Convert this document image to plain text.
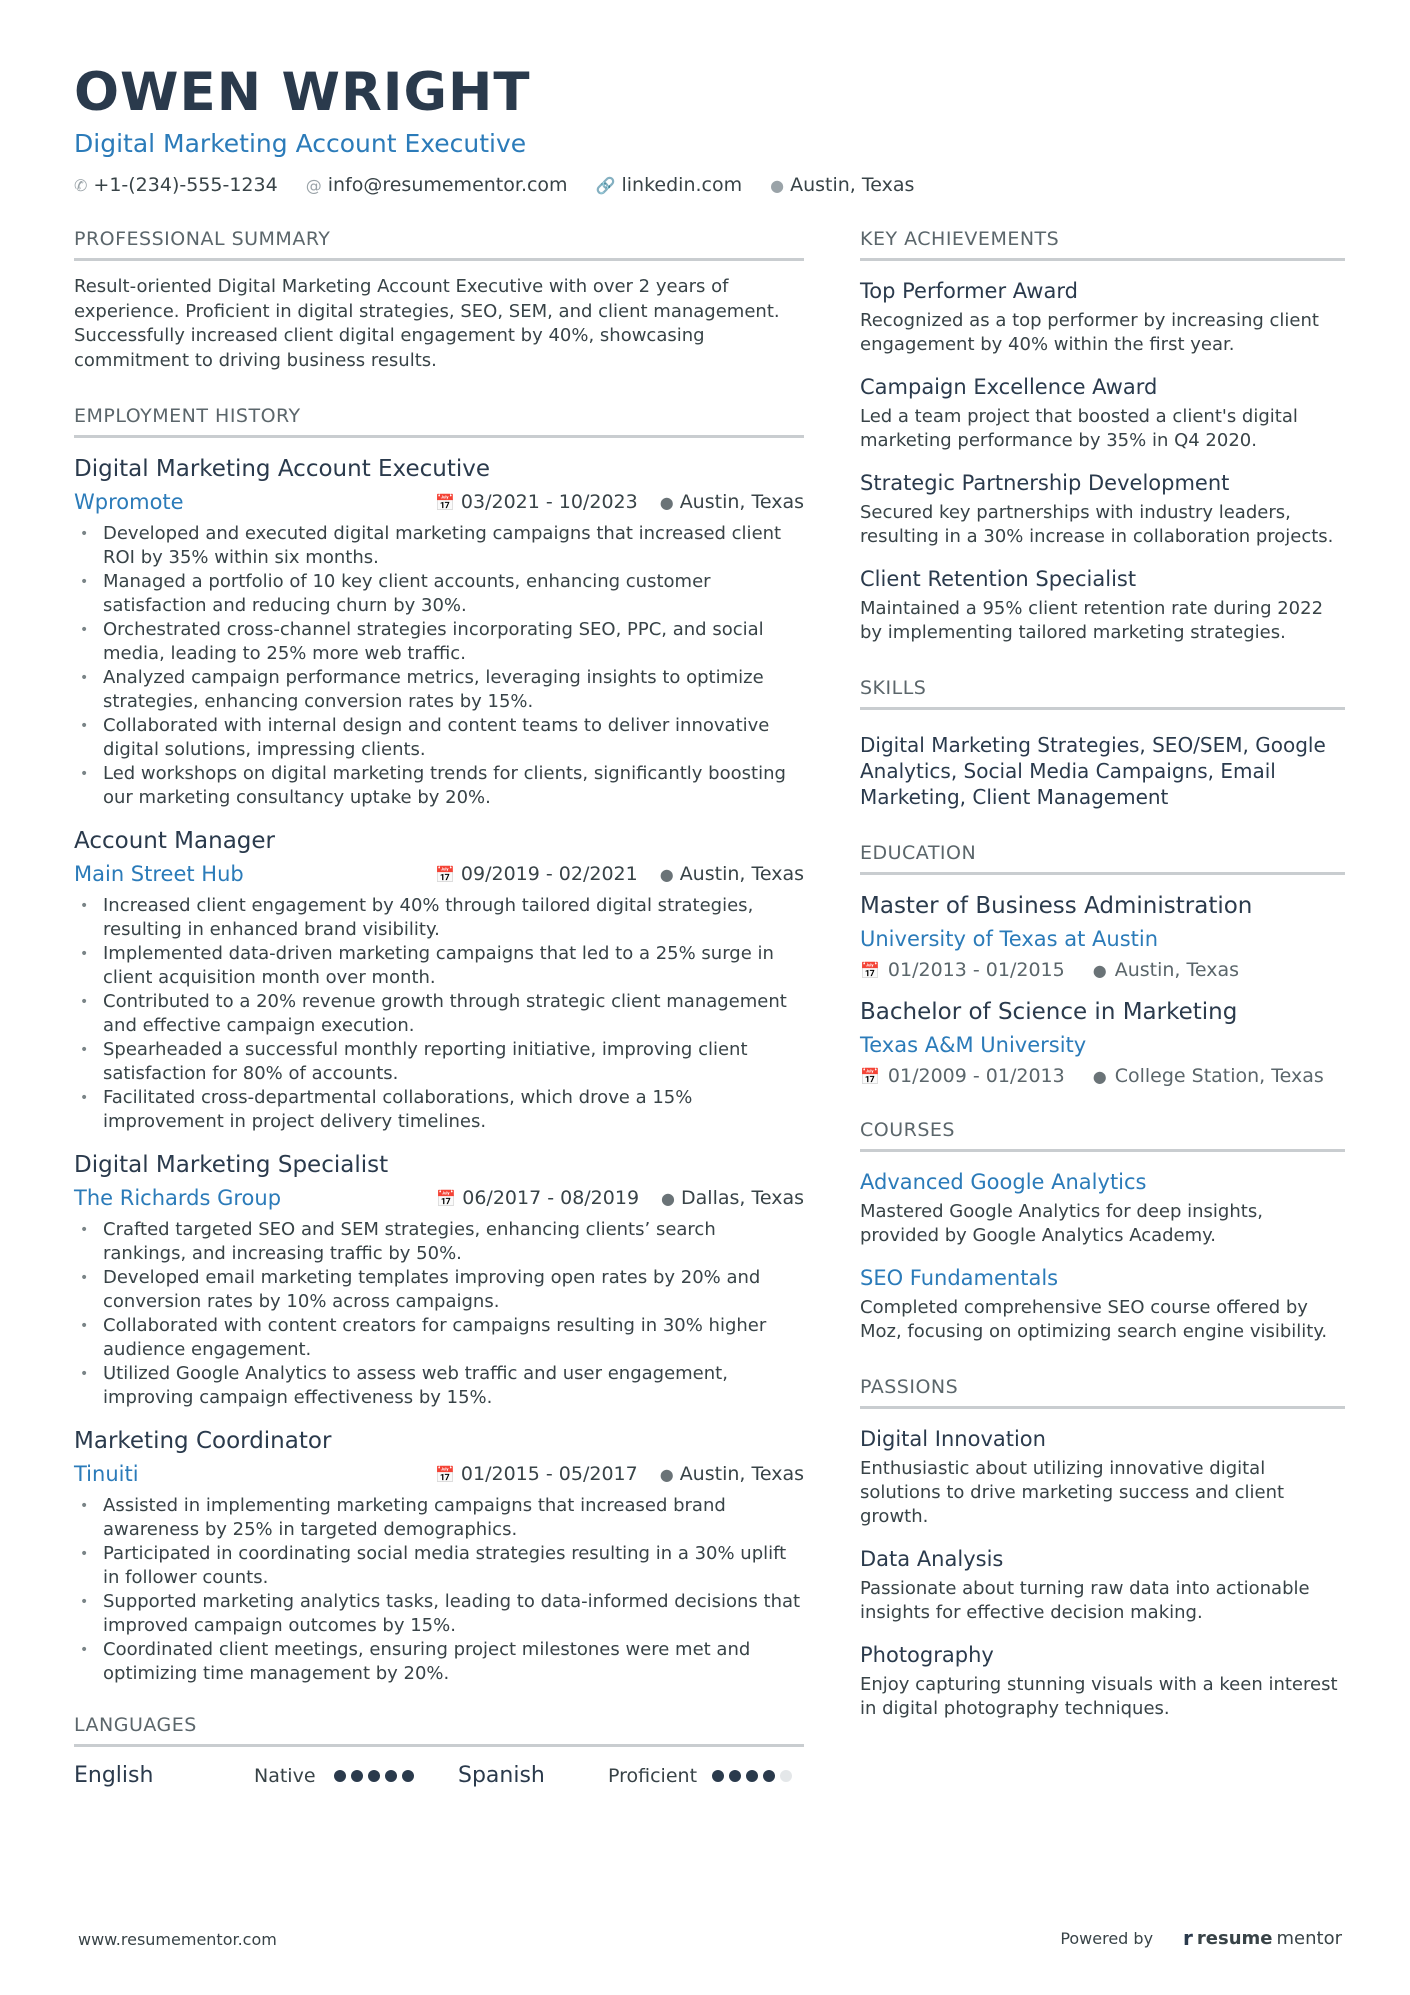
OWEN WRIGHT
Digital Marketing Account Executive
✆ +1-(234)-555-1234 @ info@resumementor.com 🔗 linkedin.com ● Austin, Texas
PROFESSIONAL SUMMARY
Result-oriented Digital Marketing Account Executive with over 2 years of experience. Proficient in digital strategies, SEO, SEM, and client management. Successfully increased client digital engagement by 40%, showcasing commitment to driving business results.
EMPLOYMENT HISTORY
Digital Marketing Account Executive
Wpromote	📅 03/2021 - 10/2023 ● Austin, Texas
• Developed and executed digital marketing campaigns that increased client ROI by 35% within six months.
• Managed a portfolio of 10 key client accounts, enhancing customer satisfaction and reducing churn by 30%.
• Orchestrated cross-channel strategies incorporating SEO, PPC, and social media, leading to 25% more web traffic.
• Analyzed campaign performance metrics, leveraging insights to optimize strategies, enhancing conversion rates by 15%.
• Collaborated with internal design and content teams to deliver innovative digital solutions, impressing clients.
• Led workshops on digital marketing trends for clients, significantly boosting our marketing consultancy uptake by 20%.
Account Manager
Main Street Hub	📅 09/2019 - 02/2021 ● Austin, Texas
• Increased client engagement by 40% through tailored digital strategies, resulting in enhanced brand visibility.
• Implemented data-driven marketing campaigns that led to a 25% surge in client acquisition month over month.
• Contributed to a 20% revenue growth through strategic client management and effective campaign execution.
• Spearheaded a successful monthly reporting initiative, improving client satisfaction for 80% of accounts.
• Facilitated cross-departmental collaborations, which drove a 15% improvement in project delivery timelines.
Digital Marketing Specialist
The Richards Group	📅 06/2017 - 08/2019 ● Dallas, Texas
• Crafted targeted SEO and SEM strategies, enhancing clients’ search rankings, and increasing traffic by 50%.
• Developed email marketing templates improving open rates by 20% and conversion rates by 10% across campaigns.
• Collaborated with content creators for campaigns resulting in 30% higher audience engagement.
• Utilized Google Analytics to assess web traffic and user engagement, improving campaign effectiveness by 15%.
Marketing Coordinator
Tinuiti	📅 01/2015 - 05/2017 ● Austin, Texas
• Assisted in implementing marketing campaigns that increased brand awareness by 25% in targeted demographics.
• Participated in coordinating social media strategies resulting in a 30% uplift in follower counts.
• Supported marketing analytics tasks, leading to data-informed decisions that improved campaign outcomes by 15%.
• Coordinated client meetings, ensuring project milestones were met and optimizing time management by 20%.
LANGUAGES
English	Native	Spanish	Proficient
KEY ACHIEVEMENTS
Top Performer Award
Recognized as a top performer by increasing client engagement by 40% within the first year.
Campaign Excellence Award
Led a team project that boosted a client's digital marketing performance by 35% in Q4 2020.
Strategic Partnership Development
Secured key partnerships with industry leaders, resulting in a 30% increase in collaboration projects.
Client Retention Specialist
Maintained a 95% client retention rate during 2022 by implementing tailored marketing strategies.
SKILLS
Digital Marketing Strategies, SEO/SEM, Google Analytics, Social Media Campaigns, Email Marketing, Client Management
EDUCATION
Master of Business Administration
University of Texas at Austin
📅 01/2013 - 01/2015 ● Austin, Texas
Bachelor of Science in Marketing
Texas A&M University
📅 01/2009 - 01/2013 ● College Station, Texas
COURSES
Advanced Google Analytics
Mastered Google Analytics for deep insights, provided by Google Analytics Academy.
SEO Fundamentals
Completed comprehensive SEO course offered by Moz, focusing on optimizing search engine visibility.
PASSIONS
Digital Innovation
Enthusiastic about utilizing innovative digital solutions to drive marketing success and client growth.
Data Analysis
Passionate about turning raw data into actionable insights for effective decision making.
Photography
Enjoy capturing stunning visuals with a keen interest in digital photography techniques.
www.resumementor.com	Powered by r resume mentor
